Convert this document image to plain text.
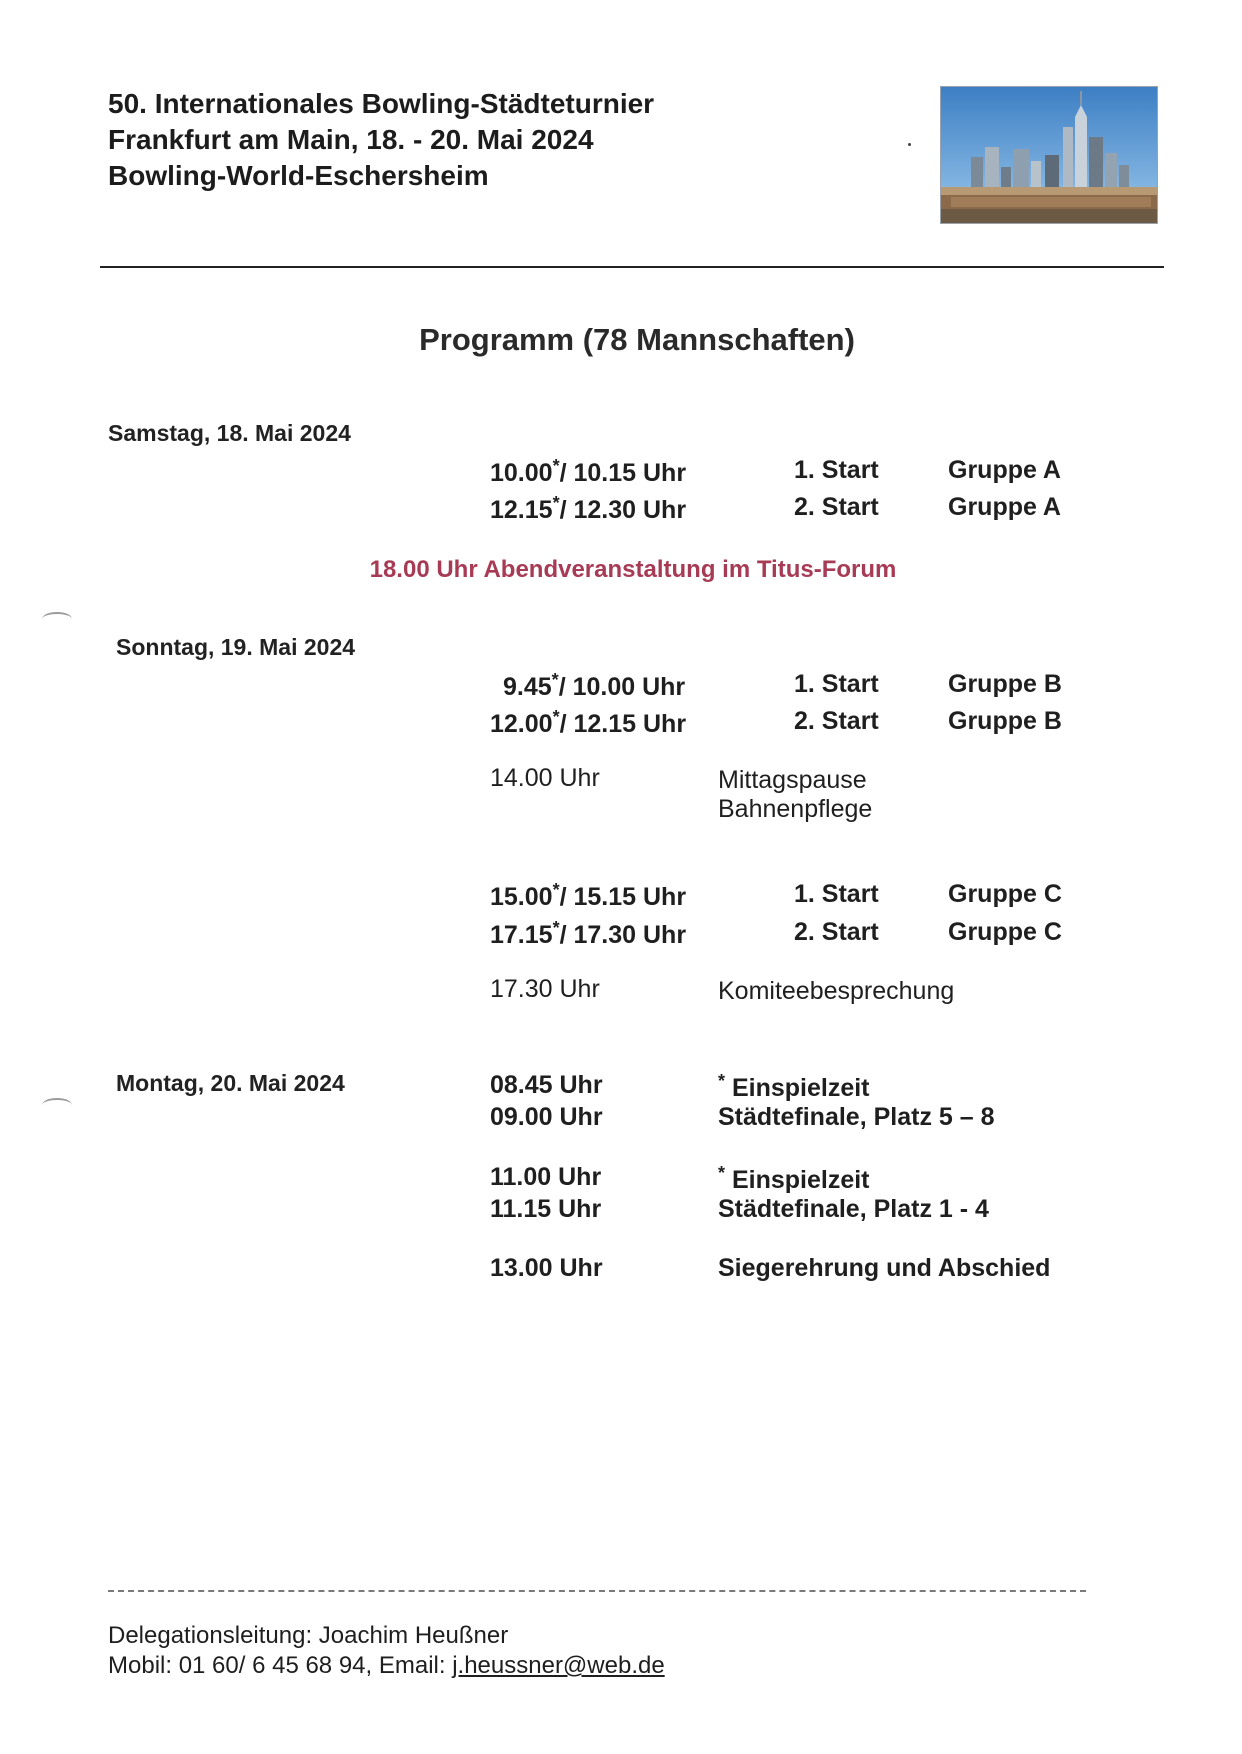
50. Internationales Bowling-Städteturnier
Frankfurt am Main, 18. - 20. Mai 2024
Bowling-World-Eschersheim
Programm (78 Mannschaften)
Samstag, 18. Mai 2024
10.00*/ 10.15 Uhr	1. Start	Gruppe A
12.15*/ 12.30 Uhr	2. Start	Gruppe A
18.00 Uhr Abendveranstaltung im Titus-Forum
Sonntag, 19. Mai 2024
9.45*/ 10.00 Uhr	1. Start	Gruppe B
12.00*/ 12.15 Uhr	2. Start	Gruppe B
14.00 Uhr	Mittagspause
Bahnenpflege
15.00*/ 15.15 Uhr	1. Start	Gruppe C
17.15*/ 17.30 Uhr	2. Start	Gruppe C
17.30 Uhr	Komiteebesprechung
Montag, 20. Mai 2024	08.45 Uhr	* Einspielzeit
09.00 Uhr	Städtefinale, Platz 5 – 8
11.00 Uhr	* Einspielzeit
11.15 Uhr	Städtefinale, Platz 1 - 4
13.00 Uhr	Siegerehrung und Abschied
Delegationsleitung: Joachim Heußner
Mobil: 01 60/ 6 45 68 94, Email: j.heussner@web.de
